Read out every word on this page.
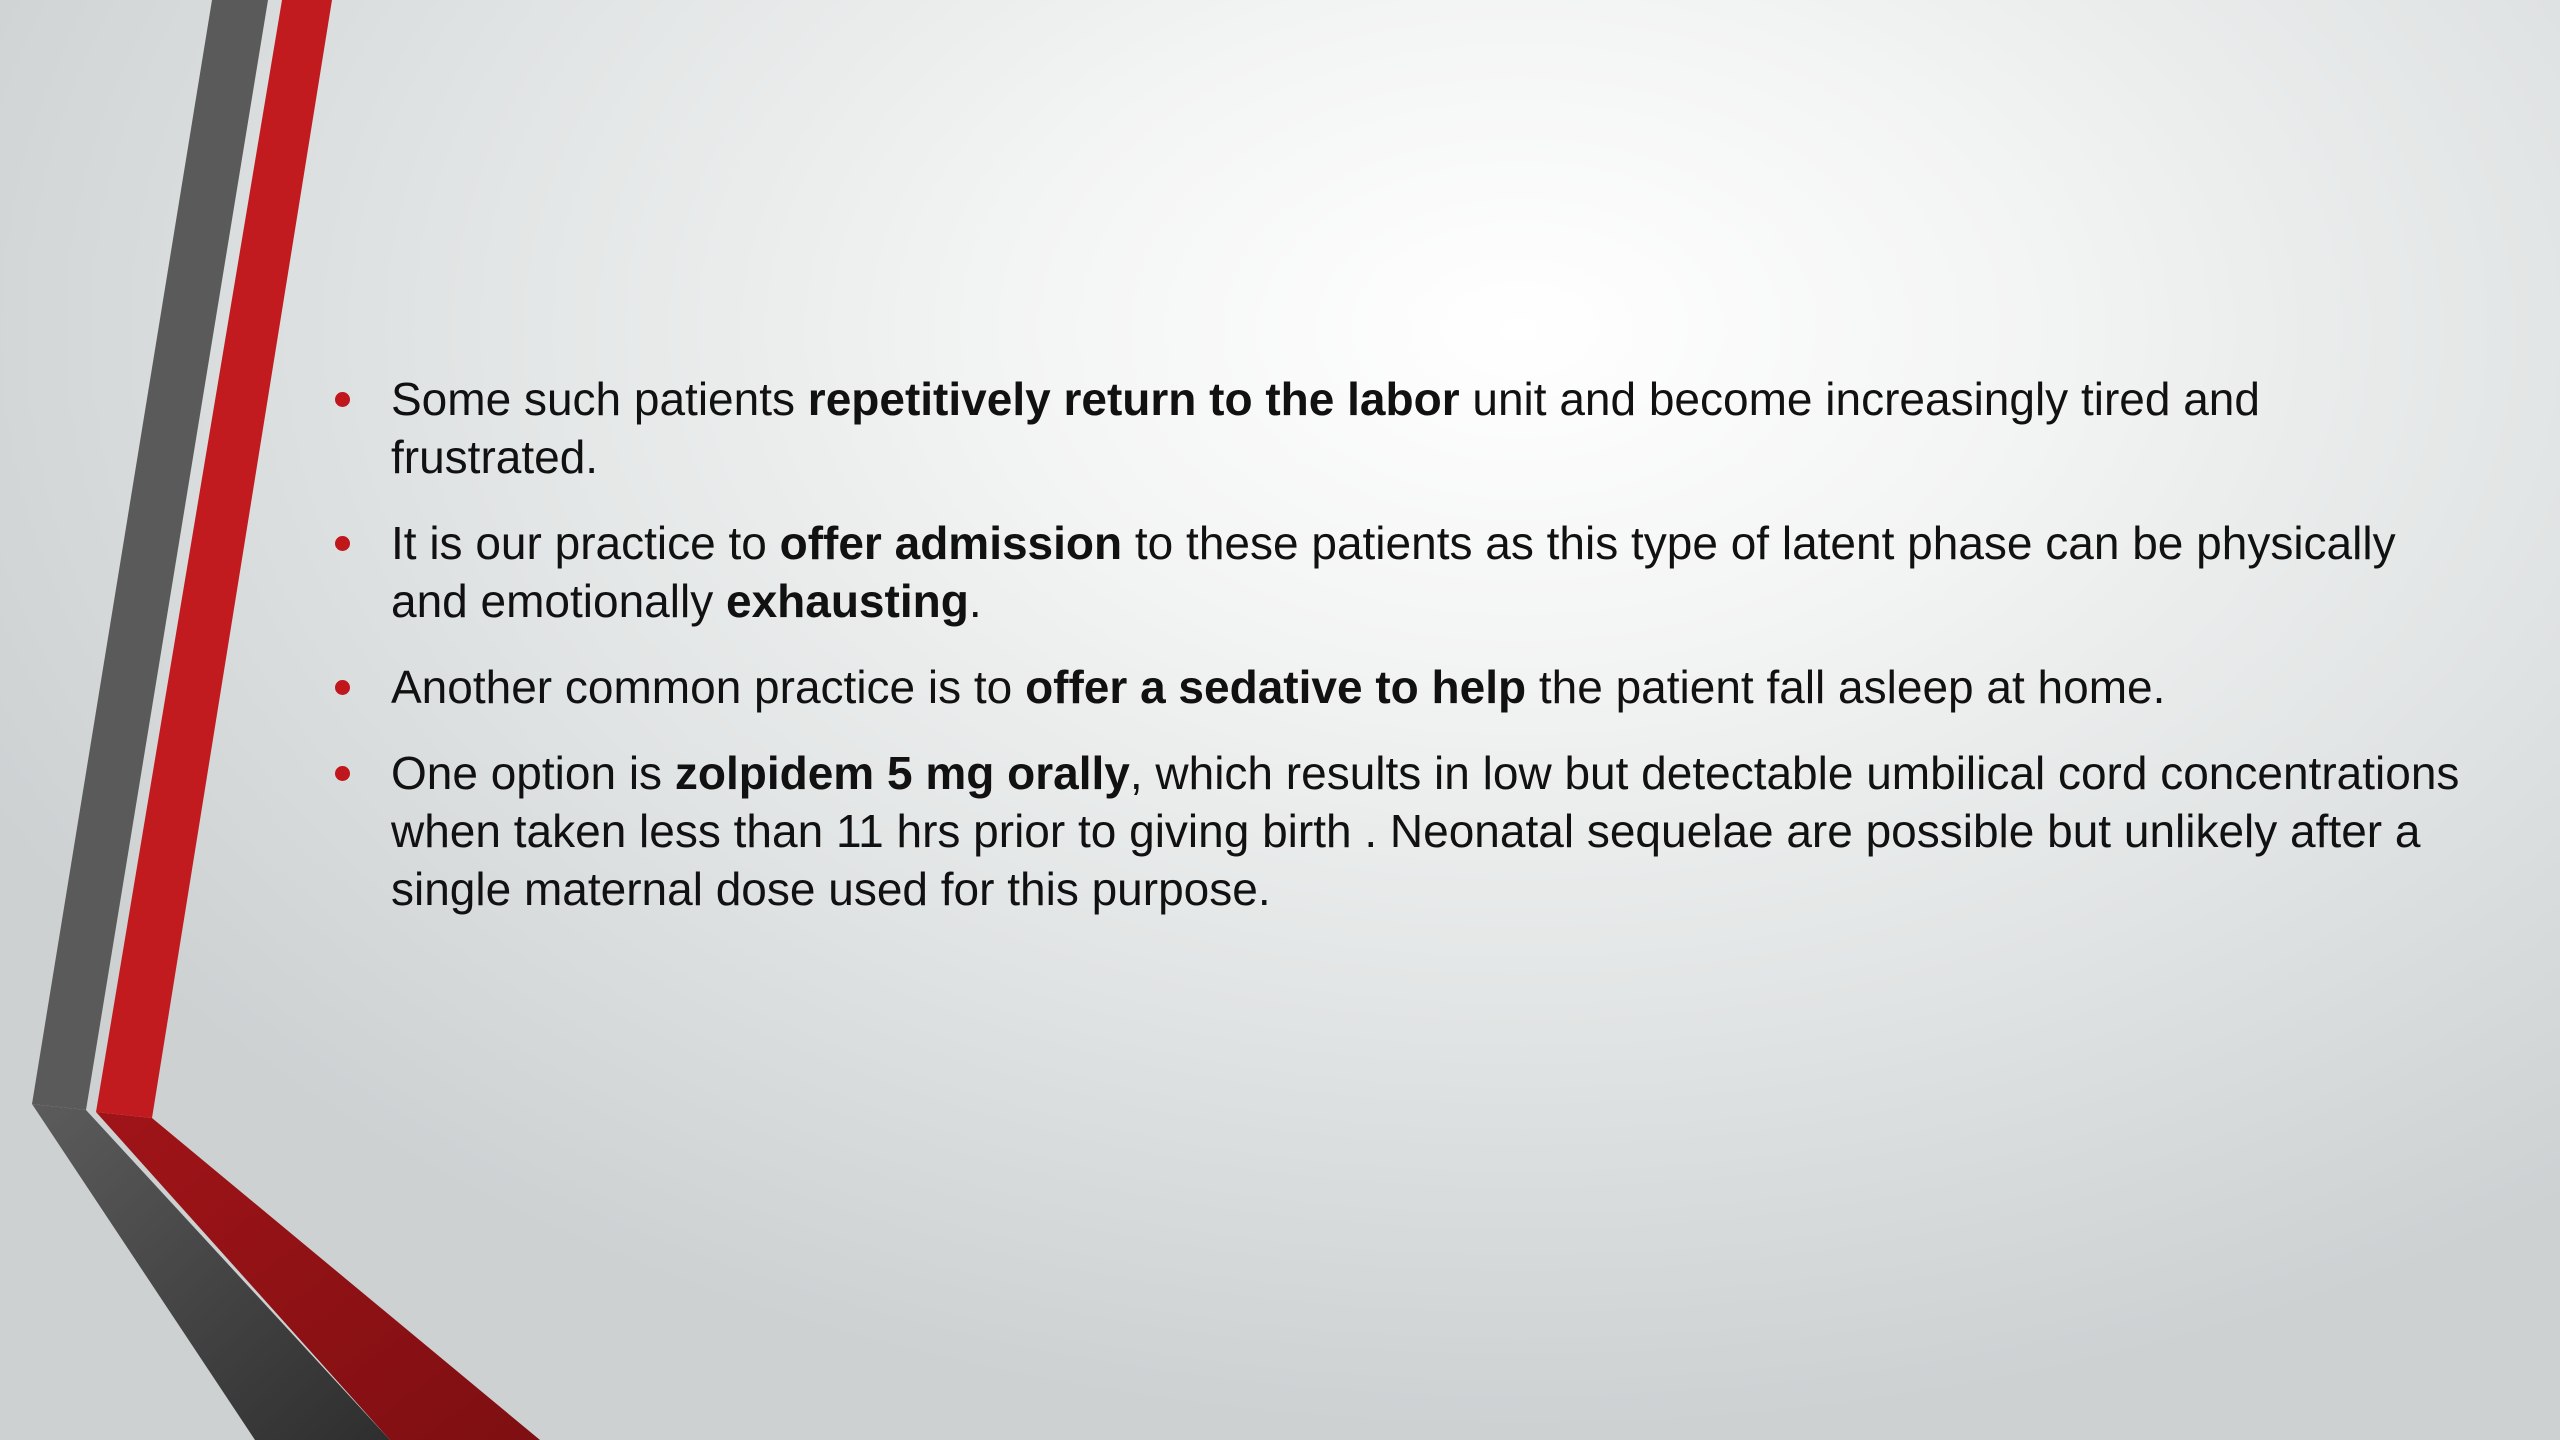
Some such patients repetitively return to the labor unit and become increasingly tired and frustrated.
It is our practice to offer admission to these patients as this type of latent phase can be physically and emotionally exhausting.
Another common practice is to offer a sedative to help the patient fall asleep at home.
One option is zolpidem 5 mg orally, which results in low but detectable umbilical cord concentrations when taken less than 11 hrs prior to giving birth . Neonatal sequelae are possible but unlikely after a single maternal dose used for this purpose.
